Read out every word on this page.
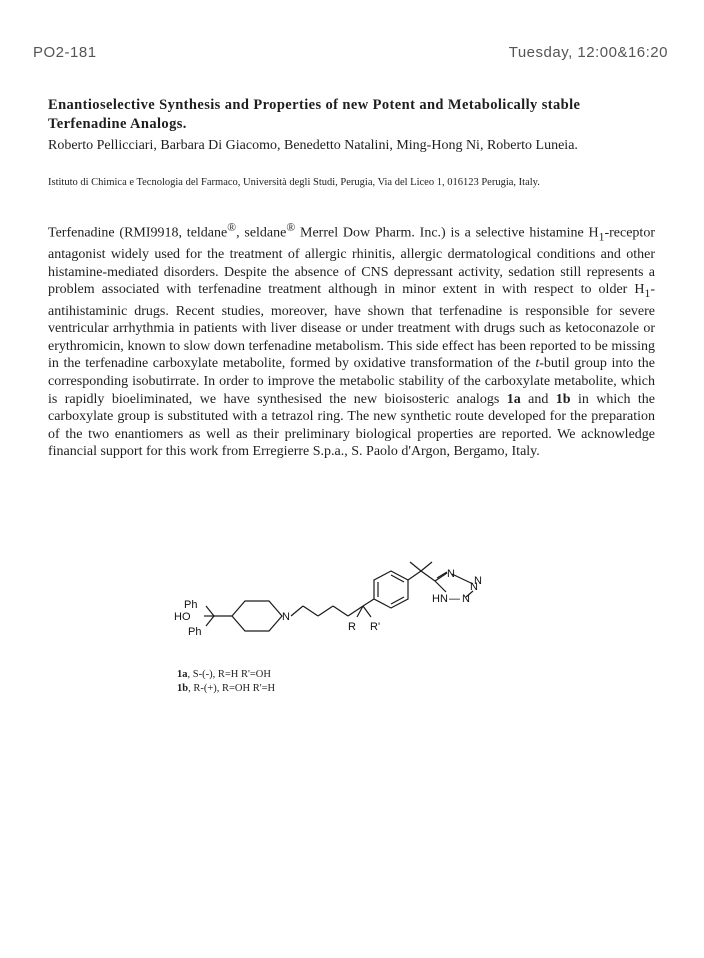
PO2-181	Tuesday, 12:00&16:20
Enantioselective Synthesis and Properties of new Potent and Metabolically stable Terfenadine Analogs.

Roberto Pellicciari, Barbara Di Giacomo, Benedetto Natalini, Ming-Hong Ni, Roberto Luneia.

Istituto di Chimica e Tecnologia del Farmaco, Università degli Studi, Perugia, Via del Liceo 1, 016123 Perugia, Italy.

Terfenadine (RMI9918, teldane®, seldane® Merrel Dow Pharm. Inc.) is a selective histamine $H_1$-receptor antagonist widely used for the treatment of allergic rhinitis, allergic dermatological conditions and other histamine-mediated disorders. Despite the absence of CNS depressant activity, sedation still represents a problem associated with terfenadine treatment although in minor extent in with respect to older $H_1$-antihistaminic drugs. Recent studies, moreover, have shown that terfenadine is responsible for severe ventricular arrhythmia in patients with liver disease or under treatment with drugs such as ketoconazole or erythromicin, known to slow down terfenadine metabolism. This side effect has been reported to be missing in the terfenadine carboxylate metabolite, formed by oxidative transformation of the t-butil group into the corresponding isobutirrate. In order to improve the metabolic stability of the carboxylate metabolite, which is rapidly bioeliminated, we have synthesised the new bioisosteric analogs 1a and 1b in which the carboxylate group is substituted with a tetrazol ring. The new synthetic route developed for the preparation of the two enantiomers as well as their preliminary biological properties are reported. We acknowledge financial support for this work from Erregierre S.p.a., S. Paolo d'Argon, Bergamo, Italy.

Ph
HO
Ph
N
R R'
N
N
HN — N
N
1a, S-(-), R=H R'=OH
1b, R-(+), R=OH R'=H
